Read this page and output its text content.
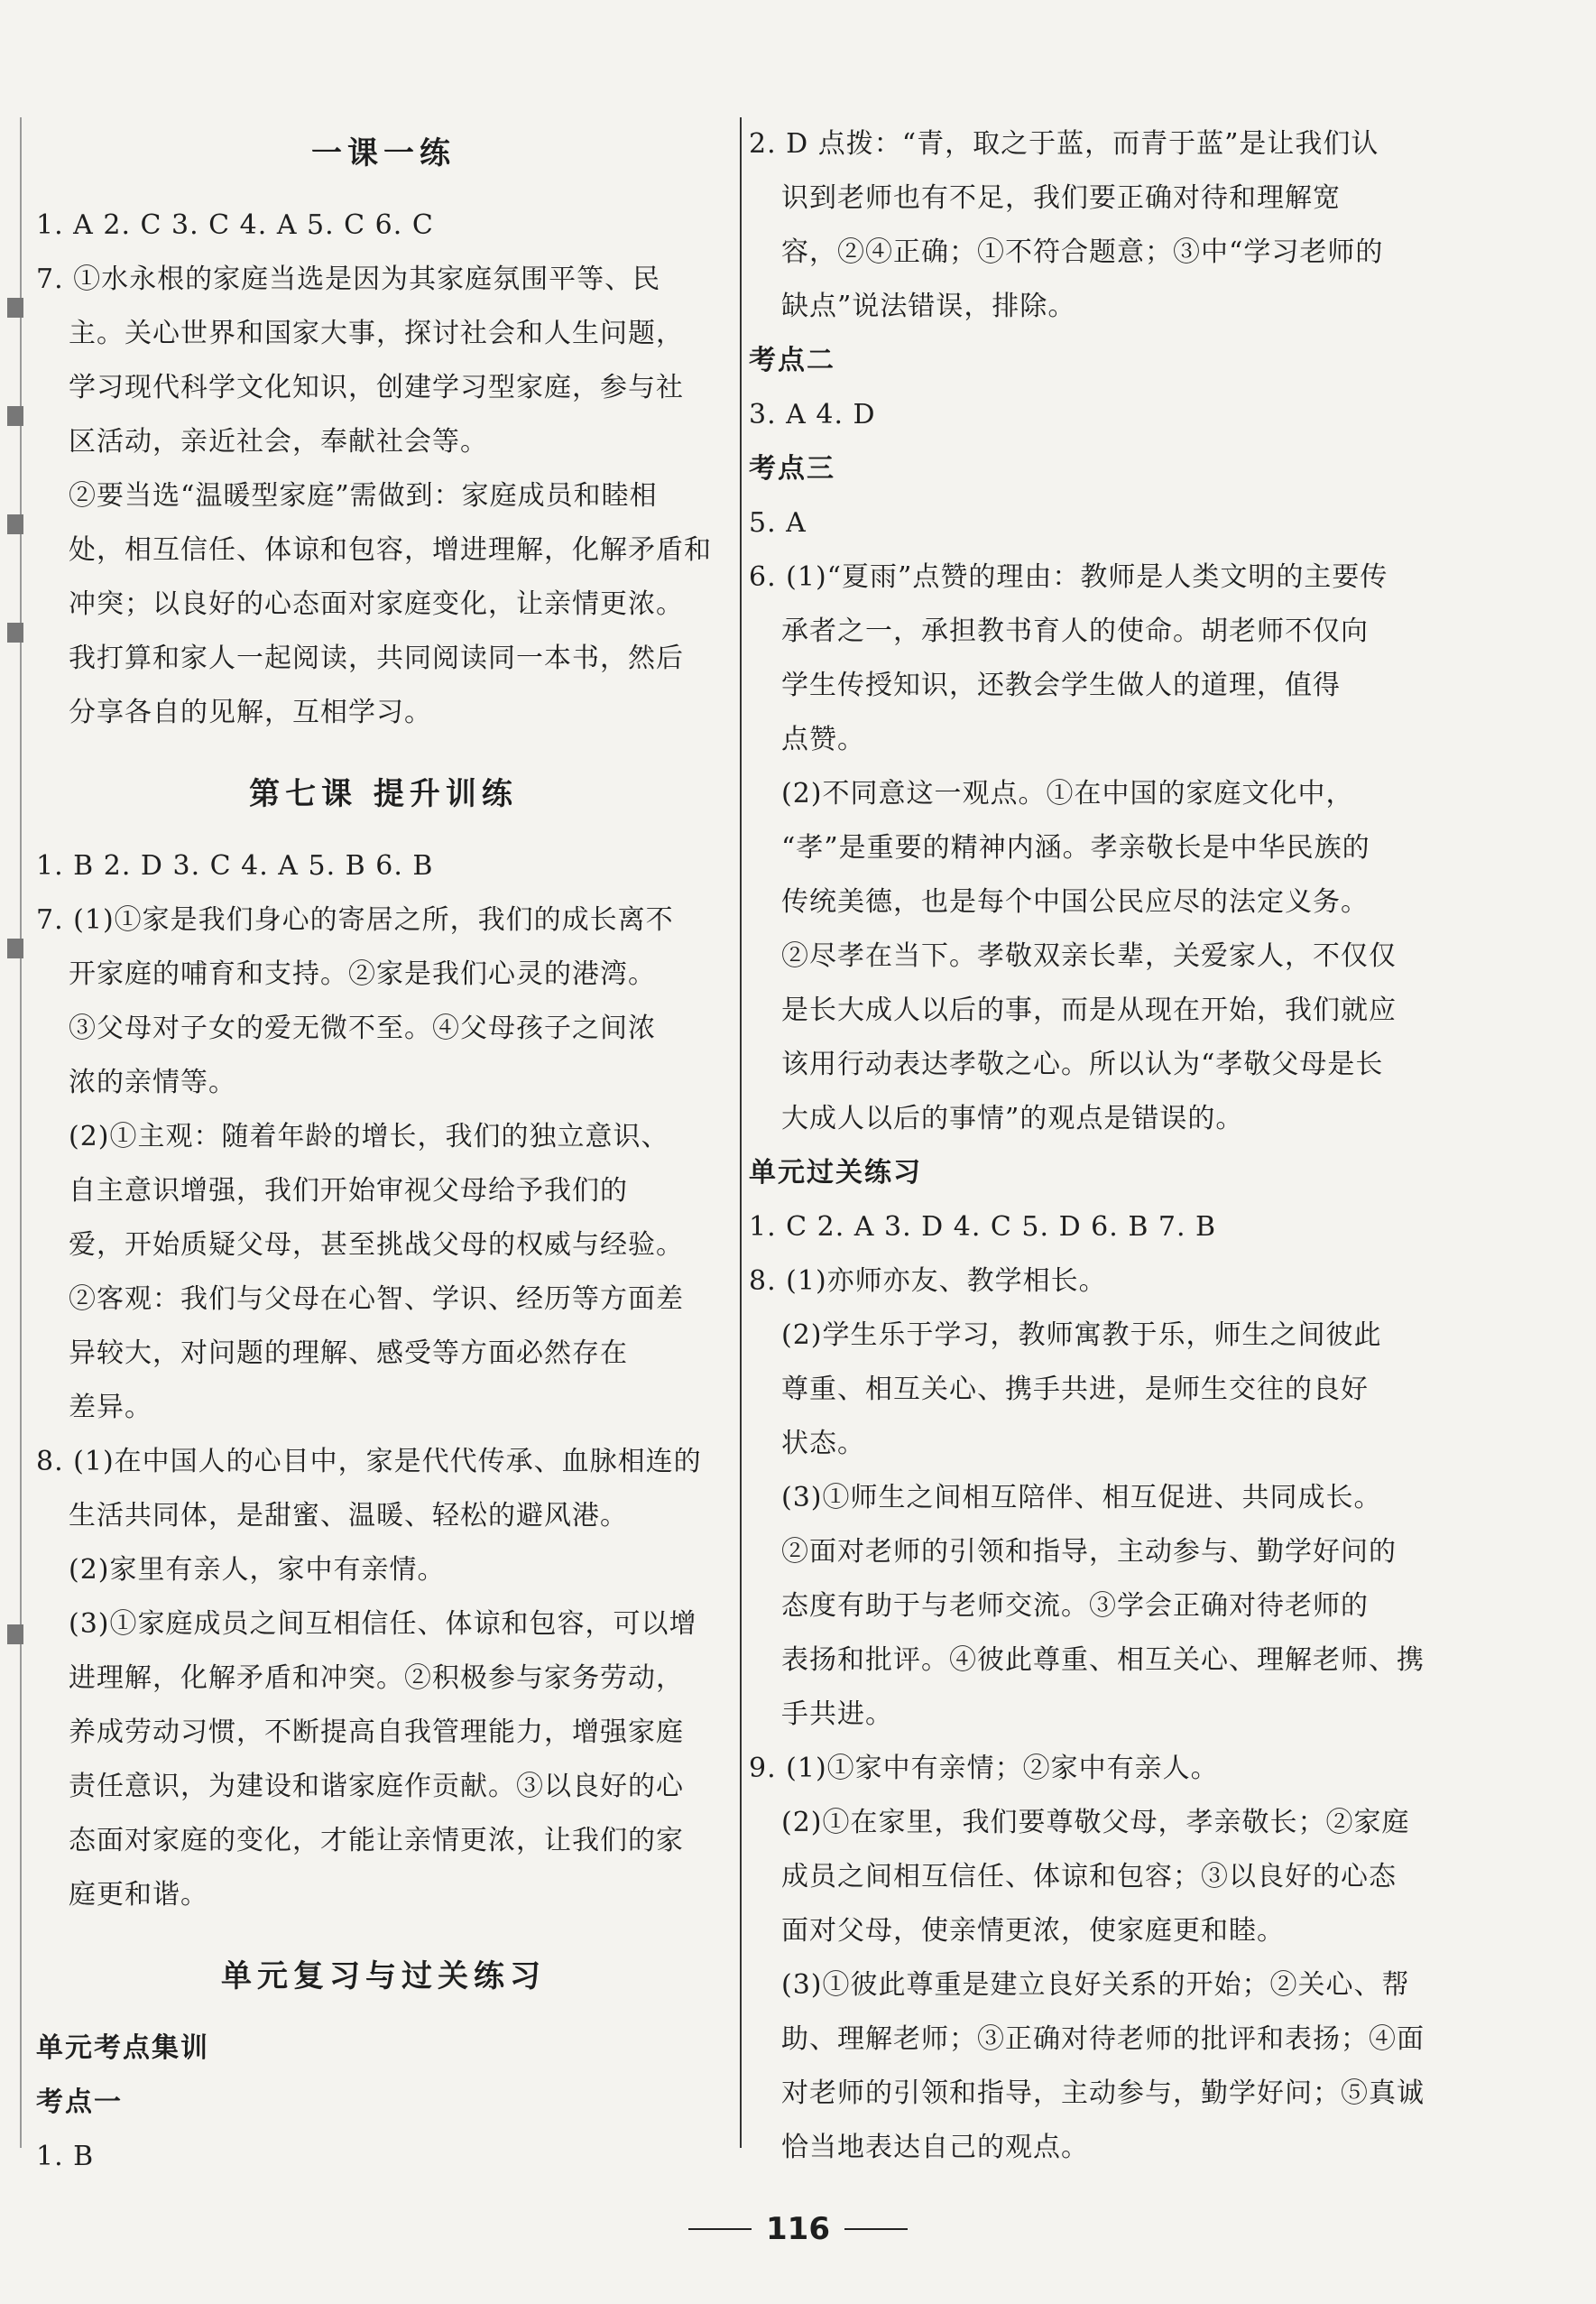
一课一练
1. A 2. C 3. C 4. A 5. C 6. C
7. ①水永根的家庭当选是因为其家庭氛围平等、民
主。关心世界和国家大事，探讨社会和人生问题，
学习现代科学文化知识，创建学习型家庭，参与社
区活动，亲近社会，奉献社会等。
②要当选“温暖型家庭”需做到：家庭成员和睦相
处，相互信任、体谅和包容，增进理解，化解矛盾和
冲突；以良好的心态面对家庭变化，让亲情更浓。
我打算和家人一起阅读，共同阅读同一本书，然后
分享各自的见解，互相学习。
第七课 提升训练
1. B 2. D 3. C 4. A 5. B 6. B
7. (1)①家是我们身心的寄居之所，我们的成长离不
开家庭的哺育和支持。②家是我们心灵的港湾。
③父母对子女的爱无微不至。④父母孩子之间浓
浓的亲情等。
(2)①主观：随着年龄的增长，我们的独立意识、
自主意识增强，我们开始审视父母给予我们的
爱，开始质疑父母，甚至挑战父母的权威与经验。
②客观：我们与父母在心智、学识、经历等方面差
异较大，对问题的理解、感受等方面必然存在
差异。
8. (1)在中国人的心目中，家是代代传承、血脉相连的
生活共同体，是甜蜜、温暖、轻松的避风港。
(2)家里有亲人，家中有亲情。
(3)①家庭成员之间互相信任、体谅和包容，可以增
进理解，化解矛盾和冲突。②积极参与家务劳动，
养成劳动习惯，不断提高自我管理能力，增强家庭
责任意识，为建设和谐家庭作贡献。③以良好的心
态面对家庭的变化，才能让亲情更浓，让我们的家
庭更和谐。
单元复习与过关练习
单元考点集训
考点一
1. B
2. D 点拨：“青，取之于蓝，而青于蓝”是让我们认
识到老师也有不足，我们要正确对待和理解宽
容，②④正确；①不符合题意；③中“学习老师的
缺点”说法错误，排除。
考点二
3. A 4. D
考点三
5. A
6. (1)“夏雨”点赞的理由：教师是人类文明的主要传
承者之一，承担教书育人的使命。胡老师不仅向
学生传授知识，还教会学生做人的道理，值得
点赞。
(2)不同意这一观点。①在中国的家庭文化中，
“孝”是重要的精神内涵。孝亲敬长是中华民族的
传统美德，也是每个中国公民应尽的法定义务。
②尽孝在当下。孝敬双亲长辈，关爱家人，不仅仅
是长大成人以后的事，而是从现在开始，我们就应
该用行动表达孝敬之心。所以认为“孝敬父母是长
大成人以后的事情”的观点是错误的。
单元过关练习
1. C 2. A 3. D 4. C 5. D 6. B 7. B
8. (1)亦师亦友、教学相长。
(2)学生乐于学习，教师寓教于乐，师生之间彼此
尊重、相互关心、携手共进，是师生交往的良好
状态。
(3)①师生之间相互陪伴、相互促进、共同成长。
②面对老师的引领和指导，主动参与、勤学好问的
态度有助于与老师交流。③学会正确对待老师的
表扬和批评。④彼此尊重、相互关心、理解老师、携
手共进。
9. (1)①家中有亲情；②家中有亲人。
(2)①在家里，我们要尊敬父母，孝亲敬长；②家庭
成员之间相互信任、体谅和包容；③以良好的心态
面对父母，使亲情更浓，使家庭更和睦。
(3)①彼此尊重是建立良好关系的开始；②关心、帮
助、理解老师；③正确对待老师的批评和表扬；④面
对老师的引领和指导，主动参与，勤学好问；⑤真诚
恰当地表达自己的观点。
116
